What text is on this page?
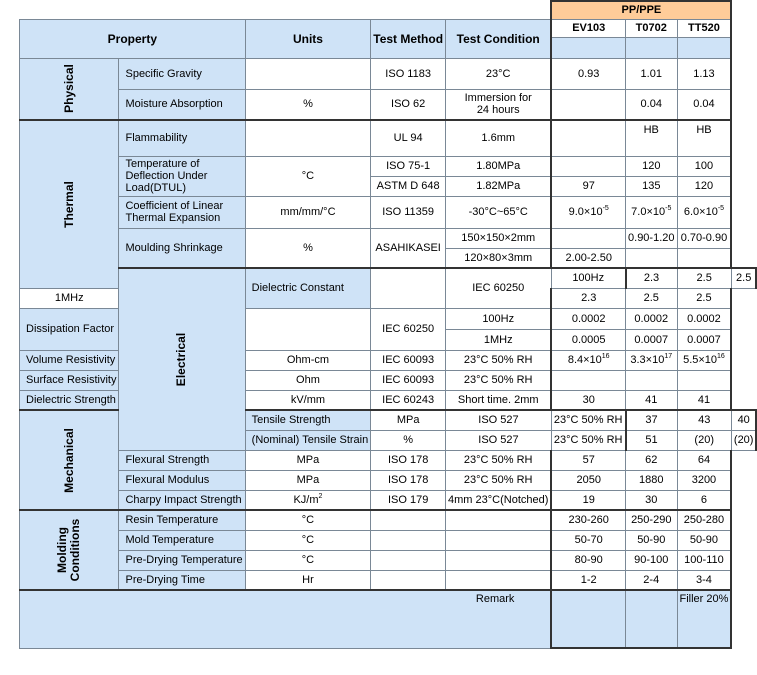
					PP/PPE			
Property		Units	Test Method	Test Condition	EV103	T0702	TT520	

Physical	Specific Gravity		ISO 1183	23°C	0.93	1.01	1.13	
	Moisture Absorption	%	ISO 62	Immersion for 24 hours		0.04	0.04	
Thermal	Flammability		UL 94	1.6mm		HB	HB	
	Temperature of Deflection Under Load(DTUL)	°C	ISO 75-1	1.80MPa		120	100	
			ASTM D 648	1.82MPa	97	135	120	
	Coefficient of Linear Thermal Expansion	mm/mm/°C	ISO 11359	-30°C~65°C	$9.0\times 10^{-5}$	$7.0\times 10^{-5}$	$6.0\times 10^{-5}$
	Moulding Shrinkage	%	ASAHIKASEI	150×150×2mm		0.90-1.20	0.70-0.90	
				120×80×3mm	2.00-2.50			
	Electrical	Dielectric Constant		IEC 60250	100Hz	2.3	2.5	2.5
1MHz					2.3	2.5	2.5	
Dissipation Factor			IEC 60250	100Hz	0.0002	0.0002	0.0002	
				1MHz	0.0005	0.0007	0.0007	
Volume Resistivity		Ohm-cm	IEC 60093	23°C 50% RH	$8.4\times 10^{16}$	$3.3\times 10^{17}$	$5.5\times 10^{16}$
Surface Resistivity		Ohm	IEC 60093	23°C 50% RH				
Dielectric Strength		kV/mm	IEC 60243	Short time. 2mm	30	41	41	
Mechanical		Tensile Strength	MPa	ISO 527	23°C 50% RH	37	43	40
		(Nominal) Tensile Strain	%	ISO 527	23°C 50% RH	51	(20)	(20)
	Flexural Strength	MPa	ISO 178	23°C 50% RH	57	62	64	
	Flexural Modulus	MPa	ISO 178	23°C 50% RH	2050	1880	3200	
	Charpy Impact Strength	$KJ/m^2$	ISO 179	4mm 23°C(Notched)	19	30	6	
Molding Conditions	Resin Temperature	°C			230-260	250-290	250-280	
	Mold Temperature	°C			50-70	50-90	50-90	
	Pre-Drying Temperature	°C			80-90	90-100	100-110	
	Pre-Drying Time	Hr			1-2	2-4	3-4	
Remark							Filler 20%	
